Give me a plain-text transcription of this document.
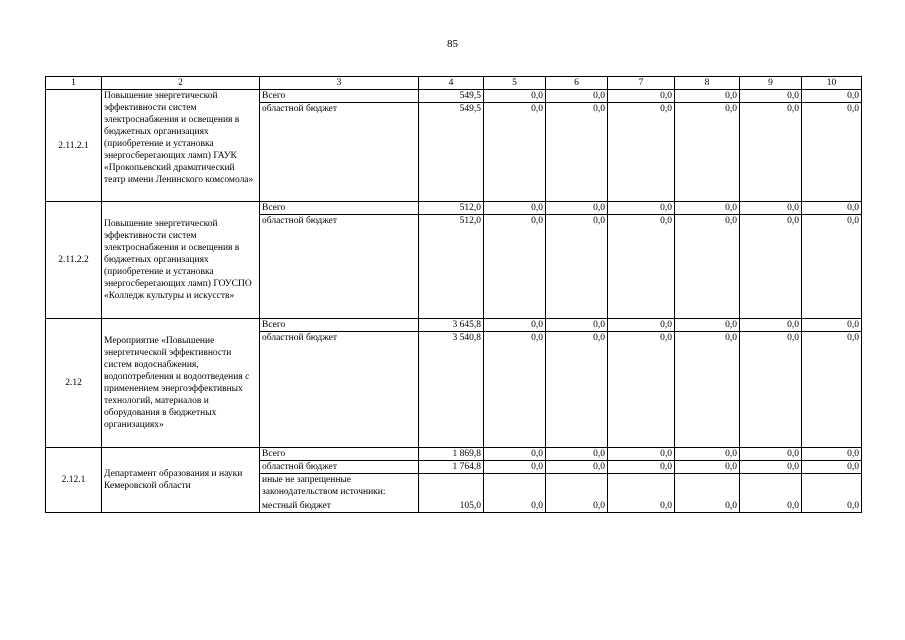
85
1	2	3	4	5	6	7	8	9	10
2.11.2.1	Повышение энергетической эффективности систем электроснабжения и освещения в бюджетных организациях (приобретение и установка энергосберегающих ламп) ГАУК «Прокопьевский драматический театр имени Ленинского комсомола»	Всего	549,5	0,0	0,0	0,0	0,0	0,0	0,0
		областной бюджет	549,5	0,0	0,0	0,0	0,0	0,0	0,0
2.11.2.2	Повышение энергетической эффективности систем электроснабжения и освещения в бюджетных организациях (приобретение и установка энергосберегающих ламп) ГОУСПО «Колледж культуры и искусств»	Всего	512,0	0,0	0,0	0,0	0,0	0,0	0,0
		областной бюджет	512,0	0,0	0,0	0,0	0,0	0,0	0,0
2.12	Мероприятие «Повышение энергетической эффективности систем водоснабжения, водопотребления и водоотведения с применением энергоэффективных технологий, материалов и оборудования в бюджетных организациях»	Всего	3 645,8	0,0	0,0	0,0	0,0	0,0	0,0
		областной бюджет	3 540,8	0,0	0,0	0,0	0,0	0,0	0,0
2.12.1	Департамент образования и науки Кемеровской области	Всего	1 869,8	0,0	0,0	0,0	0,0	0,0	0,0
		областной бюджет	1 764,8	0,0	0,0	0,0	0,0	0,0	0,0
		иные не запрещенные законодательством источники:							
		местный бюджет	105,0	0,0	0,0	0,0	0,0	0,0	0,0
